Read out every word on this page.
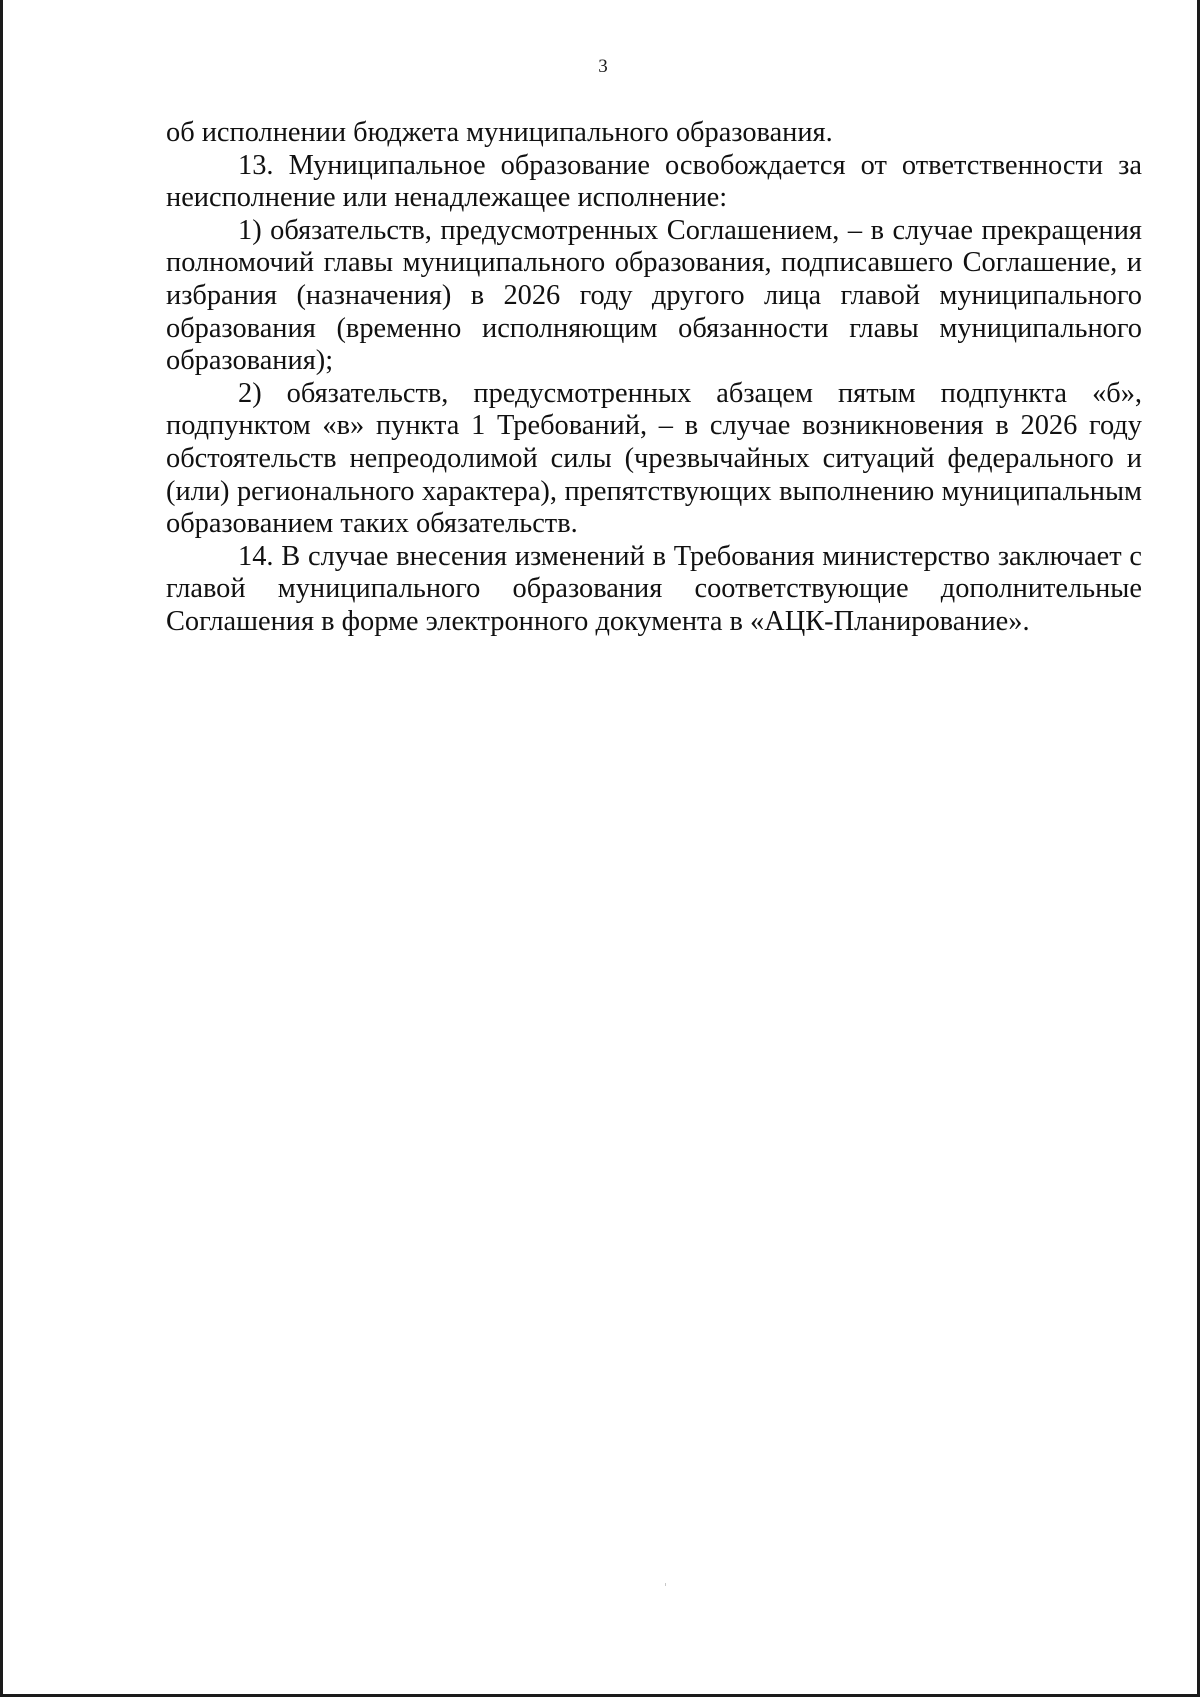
3

об исполнении бюджета муниципального образования.

13. Муниципальное образование освобождается от ответственности за неисполнение или ненадлежащее исполнение:

1) обязательств, предусмотренных Соглашением, – в случае прекращения полномочий главы муниципального образования, подписавшего Соглашение, и избрания (назначения) в 2026 году другого лица главой муниципального образования (временно исполняющим обязанности главы муниципального образования);

2) обязательств, предусмотренных абзацем пятым подпункта «б», подпунктом «в» пункта 1 Требований, – в случае возникновения в 2026 году обстоятельств непреодолимой силы (чрезвычайных ситуаций федерального и (или) регионального характера), препятствующих выполнению муниципальным образованием таких обязательств.

14. В случае внесения изменений в Требования министерство заключает с главой муниципального образования соответствующие дополнительные Соглашения в форме электронного документа в «АЦК-Планирование».
